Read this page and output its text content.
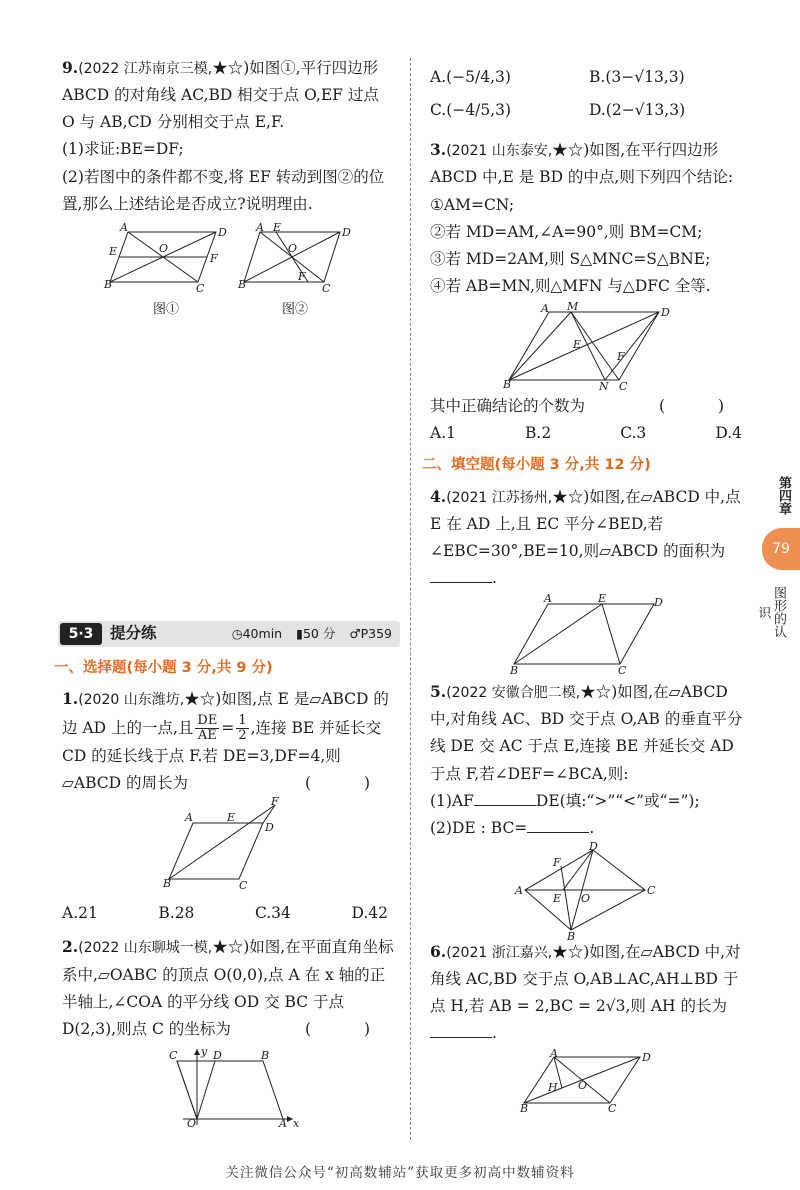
9.(2022 江苏南京三模,★☆)如图①,平行四边形 ABCD 的对角线 AC,BD 相交于点 O,EF 过点 O 与 AB,CD 分别相交于点 E,F.

(1)求证:BE=DF;

(2)若图中的条件都不变,将 EF 转动到图②的位置,那么上述结论是否成立?说明理由.

A	D
E	O
F
B	C
图①
A E	D
O
F
B	C
图②
5·3	提分练	◷40min ▮50 分 ♂P359
一、选择题(每小题 3 分,共 9 分)

1.(2020 山东潍坊,★☆)如图,点 E 是▱ABCD 的边 AD 上的一点,且 $\frac{DE}{AE} = \frac{1}{2}$ ,连接 BE 并延长交 CD 的延长线于点 F.若 DE=3,DF=4,则▱ABCD 的周长为	( )

F
A	E
D
B	C
A.21	B.28	C.34	D.42

2.(2022 山东聊城一模,★☆)如图,在平面直角坐标系中,▱OABC 的顶点 O(0,0),点 A 在 x 轴的正半轴上,∠COA 的平分线 OD 交 BC 于点 D(2,3),则点 C 的坐标为	( )

y
C	D	B
O	A x
A.(−5/4,3)	B.(3−√13,3)
C.(−4/5,3)	D.(2−√13,3)

3.(2021 山东泰安,★☆)如图,在平行四边形 ABCD 中,E 是 BD 的中点,则下列四个结论:

①AM=CN;

②若 MD=AM,∠A=90°,则 BM=CM;

③若 MD=2AM,则 S△MNC=S△BNE;

④若 AB=MN,则△MFN 与△DFC 全等.

A M	D
E
F
B	N C

其中正确结论的个数为	( )

A.1	B.2	C.3	D.4
二、填空题(每小题 3 分,共 12 分)

4.(2021 江苏扬州,★☆)如图,在▱ABCD 中,点 E 在 AD 上,且 EC 平分∠BED,若∠EBC=30°,BE=10,则▱ABCD 的面积为.

A	E	D
B	C

5.(2022 安徽合肥二模,★☆)如图,在▱ABCD 中,对角线 AC、BD 交于点 O,AB 的垂直平分线 DE 交 AC 于点 E,连接 BE 并延长交 AD 于点 F,若∠DEF=∠BCA,则:

(1)AF	DE(填:“>”“<”或“=”);

(2)DE : BC=	.

D
F
A
E O
C
B

6.(2021 浙江嘉兴,★☆)如图,在▱ABCD 中,对角线 AC,BD 交于点 O,AB⊥AC,AH⊥BD 于点 H,若 AB = 2,BC = 2√3,则 AH 的长为.

A	D
H O
B	C
第四章
79
图形的认识
关注微信公众号“初高数辅站”获取更多初高中数辅资料
